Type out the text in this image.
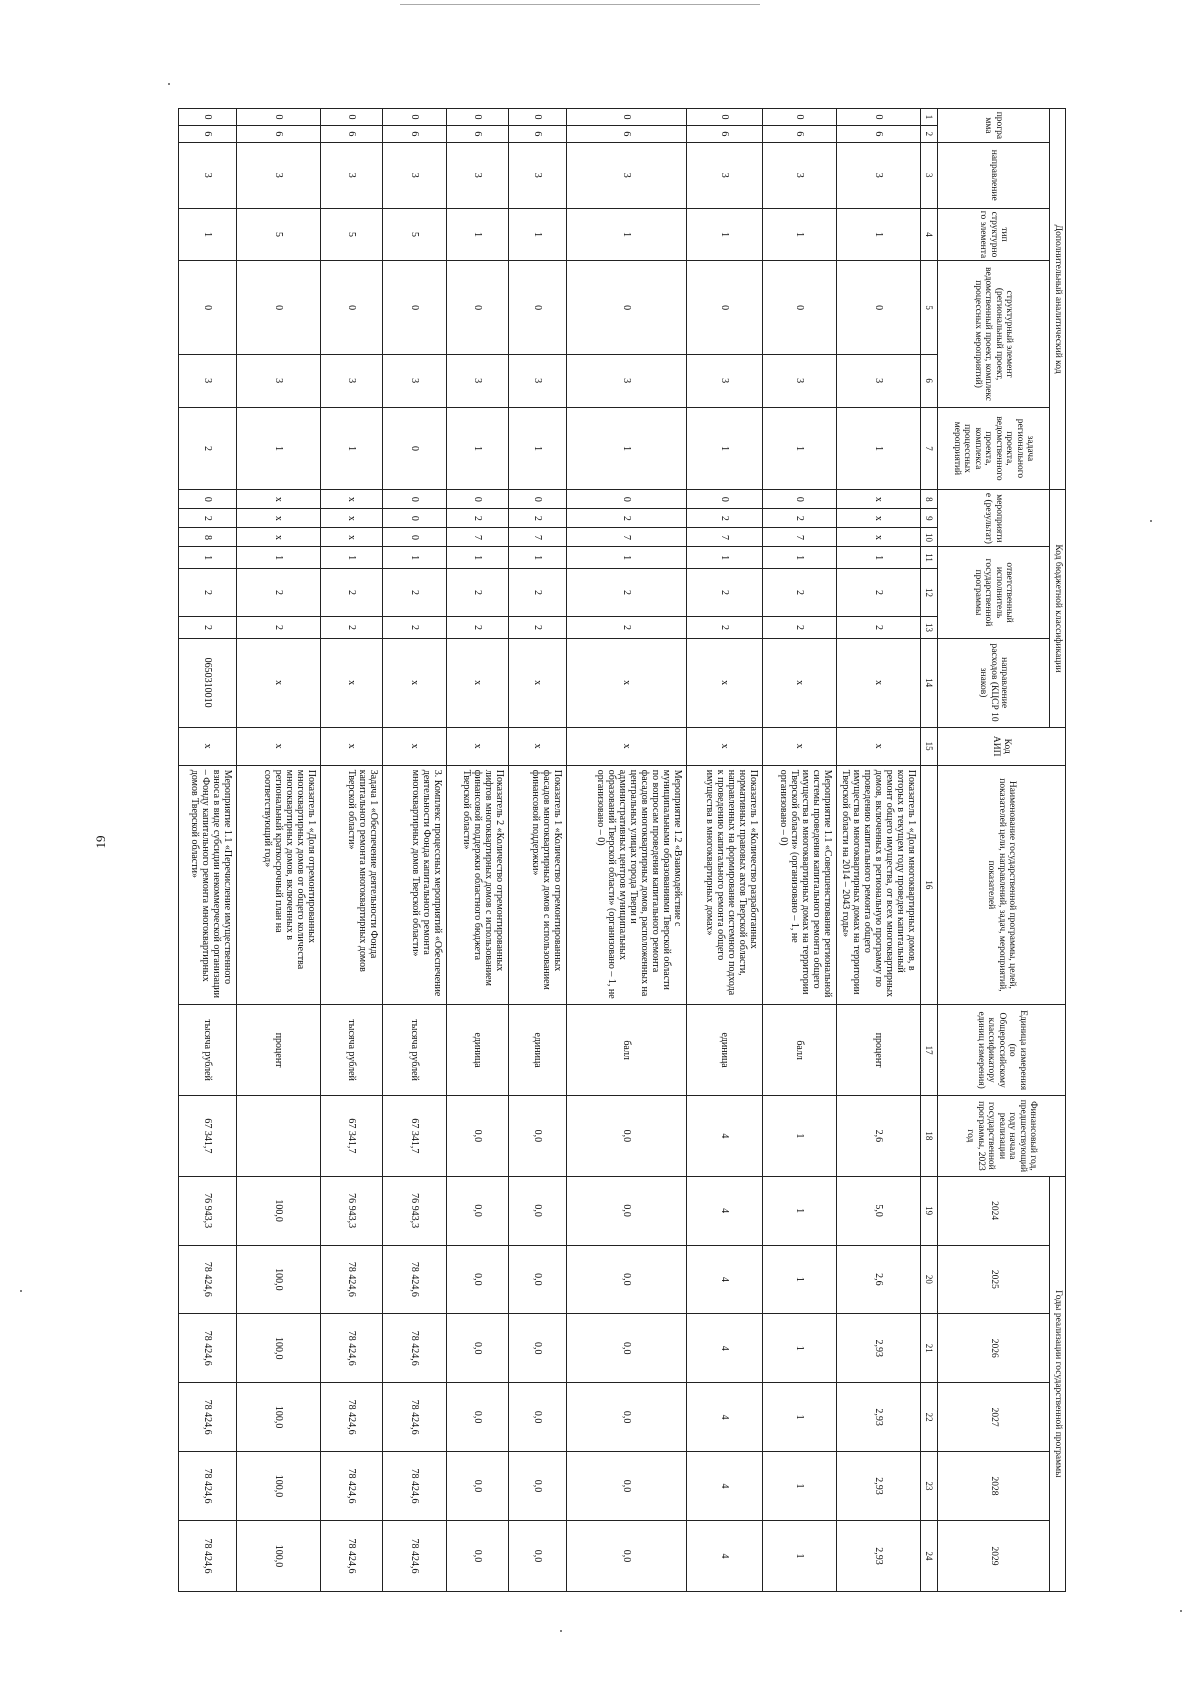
19
Дополнительный аналитический код							Код бюджетной классификации							Код АИП	Наименование государственной программы, целей, показателей цели, направлений, задач, мероприятий, показателей	Единица измерения (по Общероссийскому классификатору единиц измерения)	Финансовый год, предшествующий году начала реализации государственной программы, 2023 год	Годы реализации государственной программы					
программа		направление	тип структурного элемента	структурный элемент (региональный проект, ведомственный проект, комплекс процессных мероприятий)		задача регионального проекта, ведомственного проекта, комплекса процессных мероприятий	мероприятие (результат)			ответственный исполнитель государственной программы			направление расходов (КЦСР 10 знаков)					2024	2025	2026	2027	2028	2029
1	2	3	4	5	6	7	8	9	10	11	12	13	14	15	16	17	18	19	20	21	22	23	24
0	6	3	1	0	3	1	х	х	х	1	2	2	х	х	Показатель 1 «Доля многоквартирных домов, в которых в текущем году проведен капитальный ремонт общего имущества, от всех многоквартирных домов, включенных в региональную программу по проведению капитального ремонта общего имущества в многоквартирных домах на территории Тверской области на 2014 – 2043 годы»	процент	2,6	5,0	2,6	2,93	2,93	2,93	2,93
0	6	3	1	0	3	1	0	2	7	1	2	2	х	х	Мероприятие 1.1 «Совершенствование региональной системы проведения капитального ремонта общего имущества в многоквартирных домах на территории Тверской области» (организовано – 1, не организовано – 0)	балл	1	1	1	1	1	1	1
0	6	3	1	0	3	1	0	2	7	1	2	2	х	х	Показатель 1 «Количество разработанных нормативных правовых актов Тверской области, направленных на формирование системного подхода к проведению капитального ремонта общего имущества в многоквартирных домах»	единица	4	4	4	4	4	4	4
0	6	3	1	0	3	1	0	2	7	1	2	2	х	х	Мероприятие 1.2 «Взаимодействие с муниципальными образованиями Тверской области по вопросам проведения капитального ремонта фасадов многоквартирных домов, расположенных на центральных улицах города Твери и административных центров муниципальных образований Тверской области» (организовано – 1, не организовано – 0)	балл	0,0	0,0	0,0	0,0	0,0	0,0	0,0
0	6	3	1	0	3	1	0	2	7	1	2	2	х	х	Показатель 1 «Количество отремонтированных фасадов многоквартирных домов с использованием финансовой поддержки»	единица	0,0	0,0	0,0	0,0	0,0	0,0	0,0
0	6	3	1	0	3	1	0	2	7	1	2	2	х	х	Показатель 2 «Количество отремонтированных лифтов многоквартирных домов с использованием финансовой поддержки областного бюджета Тверской области»	единица	0,0	0,0	0,0	0,0	0,0	0,0	0,0
0	6	3	5	0	3	0	0	0	0	1	2	2	х	х	3. Комплекс процессных мероприятий «Обеспечение деятельности Фонда капитального ремонта многоквартирных домов Тверской области»	тысяча рублей	67 341,7	76 943,3	78 424,6	78 424,6	78 424,6	78 424,6	78 424,6
0	6	3	5	0	3	1	х	х	х	1	2	2	х	х	Задача 1 «Обеспечение деятельности Фонда капитального ремонта многоквартирных домов Тверской области»	тысяча рублей	67 341,7	76 943,3	78 424,6	78 424,6	78 424,6	78 424,6	78 424,6
0	6	3	5	0	3	1	х	х	х	1	2	2	х	х	Показатель 1 «Доля отремонтированных многоквартирных домов от общего количества многоквартирных домов, включенных в региональный краткосрочный план на соответствующий год»	процент		100,0	100,0	100,0	100,0	100,0	100,0
0	6	3	1	0	3	2	0	2	8	1	2	2	0650310010	х	Мероприятие 1.1 «Перечисление имущественного взноса в виде субсидии некоммерческой организации – Фонду капитального ремонта многоквартирных домов Тверской области»	тысяча рублей	67 341,7	76 943,3	78 424,6	78 424,6	78 424,6	78 424,6	78 424,6
